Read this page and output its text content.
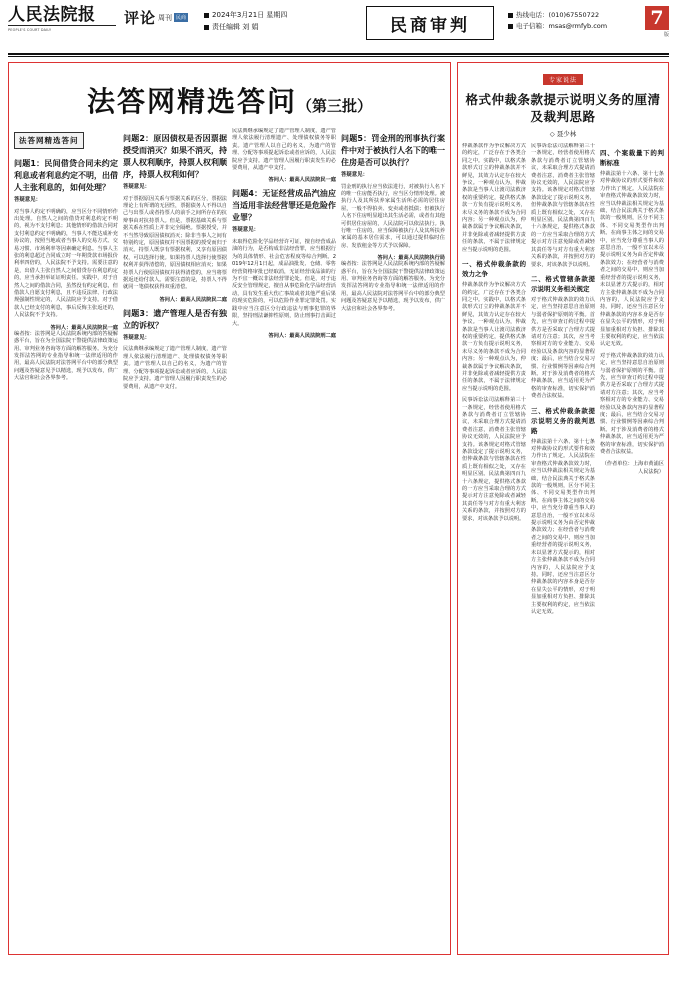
人民法院报
PEOPLE'S COURT DAILY
评论 周刊 民商	2024年3月21日 星期四
责任编辑 刘 娟	民商审判
热线电话：(010)67550722
电子信箱：msas@rmfyb.com	7
版
法答网精选答问（第三批）
法答网精选答问
问题1：民间借贷合同未约定利息或者利息约定不明，出借人主张利息的，如何处理？
答疑意见：
对当事人约定不明确的，应当区分不同情形作出处理。自然人之间的借贷对利息约定不明的，视为不支付利息；其他情形的借款合同对支付利息约定不明确的，当事人不能达成补充协议的，按照当地或者当事人的交易方式、交易习惯、市场利率等因素确定利息。当事人主张的利息超过合同成立时一年期贷款市场报价利率四倍的，人民法院不予支持。需要注意的是，出借人主张自然人之间借贷存在利息约定的，应当承担举证证明责任。实践中，对于自然人之间的借款合同，虽然没有约定利息，但借款人自愿支付利息，且不违反法律、行政法规强制性规定的，人民法院应予支持。对于借款人已经支付的利息，事后反悔主张返还的，人民法院不予支持。
答问人：最高人民法院民一庭
编者按：法答网是人民法院系统内部的答疑解惑平台，旨在为全国法院干警提供法律政策运用、审判业务咨询等方面的解答服务。为充分发挥法答网的专业指导和统一法律适用的作用，最高人民法院对法答网平台中的部分典型问题及答疑意见予以精选，现予以发布，供广大法官和社会各界参考。
问题2：原因债权是否因票据授受而消灭？如果不消灭，持票人权利顺序，持票人权利顺序，持票人权利如何？
答疑意见：
对于票据原因关系与票据关系的区分，票据法理论上有所谓的无因性，票据债务人不得以自己与出票人或者持票人的前手之间所存在的抗辩事由对抗持票人。但是，票据基础关系与票据关系在性质上并非完全隔绝。票据授受，并不当然导致原因债权消灭；除非当事人之间有特别约定，原因债权并不因票据的授受而归于消灭。持票人既享有票据权利，又享有原因债权，可以选择行使。如果持票人选择行使票据权利并获得清偿的，原因债权相应消灭；如果持票人行使原因债权并获得清偿的，应当将票据返还给付款人。需要注意的是，持票人不得就同一笔债权获得双重清偿。
答问人：最高人民法院民二庭
问题3：遗产管理人是否有独立的诉权？
答疑意见：
民法典继承编规定了遗产管理人制度，遗产管理人依法履行清理遗产、处理债权债务等职责。遗产管理人以自己的名义，为遗产的管理、分配等事项提起诉讼或者应诉的，人民法院应予支持。遗产管理人因履行职责发生的必要费用，从遗产中支付。
民法典继承编规定了遗产管理人制度，遗产管理人依法履行清理遗产、处理债权债务等职责。遗产管理人以自己的名义，为遗产的管理、分配等事项提起诉讼或者应诉的，人民法院应予支持。遗产管理人因履行职责发生的必要费用，从遗产中支付。
答问人：最高人民法院民一庭
问题4：无证经营成品汽油应当适用非法经营罪还是危险作业罪？
答疑意见：
未取得危险化学品经营许可证，擅自经营成品油的行为，是否构成非法经营罪，应当根据行为的具体情形、社会危害程度等综合判断。2019年12月1日起，成品油批发、仓储、零售经营资格审批已经取消，无证经营成品油的行为不宜一概以非法经营罪论处。但是，对于违反安全管理规定，擅自从事危险化学品经营活动，具有发生重大伤亡事故或者其他严重后果的现实危险的，可以危险作业罪定罪处罚。实践中应当注意区分行政违法与刑事犯罪的界限，坚持刑法谦抑性原则，防止刑事打击面过大。
答问人：最高人民法院刑二庭
问题5：罚金刑的刑事执行案件中对于被执行人名下的唯一住房是否可以执行？
答疑意见：
罚金刑的执行应当依法进行，对被执行人名下的唯一住房能否执行，应当区分情形处理。被执行人及其所扶养家属生活所必需的居住房屋，一般不得拍卖、变卖或者抵债；但被执行人名下住房明显超出其生活必需，或者有其他可供居住房屋的，人民法院可以依法执行。执行唯一住房的，应当保障被执行人及其所扶养家属的基本居住需求，可以通过提供临时住房、发放租金等方式予以保障。
答问人：最高人民法院执行局
编者按：法答网是人民法院系统内部的答疑解惑平台，旨在为全国法院干警提供法律政策运用、审判业务咨询等方面的解答服务。为充分发挥法答网的专业指导和统一法律适用的作用，最高人民法院对法答网平台中的部分典型问题及答疑意见予以精选，现予以发布，供广大法官和社会各界参考。
专家说法
格式仲裁条款提示说明义务的厘清及裁判思路
◇ 聂少林
仲裁条款作为争议解决方式的约定，广泛存在于各类合同之中。实践中，以格式条款形式订立的仲裁条款并不鲜见，其效力认定存在较大争议。一种观点认为，仲裁条款是当事人让渡司法救济权的重要约定，提供格式条款一方负有提示说明义务，未尽义务的条款不成为合同内容；另一种观点认为，仲裁条款属于争议解决条款，并非免除或者减轻提供方责任的条款，不属于法律规定应当提示说明的范围。
一、格式仲裁条款的效力之争
仲裁条款作为争议解决方式的约定，广泛存在于各类合同之中。实践中，以格式条款形式订立的仲裁条款并不鲜见，其效力认定存在较大争议。一种观点认为，仲裁条款是当事人让渡司法救济权的重要约定，提供格式条款一方负有提示说明义务，未尽义务的条款不成为合同内容；另一种观点认为，仲裁条款属于争议解决条款，并非免除或者减轻提供方责任的条款，不属于法律规定应当提示说明的范围。
民事诉讼法司法解释第三十一条规定，经营者使用格式条款与消费者订立管辖协议，未采取合理方式提请消费者注意，消费者主张管辖协议无效的，人民法院应予支持。该条规定对格式管辖条款设定了提示说明义务，但仲裁条款与管辖条款在性质上既有相似之处，又存在明显区别。民法典第四百九十六条规定，提供格式条款的一方应当采取合理的方式提示对方注意免除或者减轻其责任等与对方有重大利害关系的条款，并按照对方的要求，对该条款予以说明。
民事诉讼法司法解释第三十一条规定，经营者使用格式条款与消费者订立管辖协议，未采取合理方式提请消费者注意，消费者主张管辖协议无效的，人民法院应予支持。该条规定对格式管辖条款设定了提示说明义务，但仲裁条款与管辖条款在性质上既有相似之处，又存在明显区别。民法典第四百九十六条规定，提供格式条款的一方应当采取合理的方式提示对方注意免除或者减轻其责任等与对方有重大利害关系的条款，并按照对方的要求，对该条款予以说明。
二、格式管辖条款提示说明义务相关规定
对于格式仲裁条款的效力认定，应当坚持意思自治原则与弱者保护原则的平衡。首先，应当审查订约过程中提供方是否采取了合理方式提请对方注意；其次，应当考察相对方的专业能力、交易经验以及条款内容的显著程度；最后，应当结合交易习惯、行业惯例等因素综合判断。对于涉及消费者的格式仲裁条款，应当适用更为严格的审查标准，切实保护消费者合法权益。
三、格式仲裁条款提示说明义务的裁判思路
仲裁法第十六条、第十七条对仲裁协议的形式要件和效力作出了规定。人民法院在审查格式仲裁条款效力时，应当以仲裁法相关规定为基础，结合民法典关于格式条款的一般规则，区分不同主体、不同交易类型作出判断。在商事主体之间的交易中，应当充分尊重当事人的意思自治，一般不宜以未尽提示说明义务为由否定仲裁条款效力；在经营者与消费者之间的交易中，则应当加重经营者的提示说明义务，未以显著方式提示的，相对方主张仲裁条款不成为合同内容的，人民法院应予支持。同时，还应当注意区分仲裁条款的内容本身是否存在显失公平的情形，对于明显加重相对方负担、排除其主要权利的约定，应当依法认定无效。
四、个案裁量下的判断标准
仲裁法第十六条、第十七条对仲裁协议的形式要件和效力作出了规定。人民法院在审查格式仲裁条款效力时，应当以仲裁法相关规定为基础，结合民法典关于格式条款的一般规则，区分不同主体、不同交易类型作出判断。在商事主体之间的交易中，应当充分尊重当事人的意思自治，一般不宜以未尽提示说明义务为由否定仲裁条款效力；在经营者与消费者之间的交易中，则应当加重经营者的提示说明义务，未以显著方式提示的，相对方主张仲裁条款不成为合同内容的，人民法院应予支持。同时，还应当注意区分仲裁条款的内容本身是否存在显失公平的情形，对于明显加重相对方负担、排除其主要权利的约定，应当依法认定无效。
对于格式仲裁条款的效力认定，应当坚持意思自治原则与弱者保护原则的平衡。首先，应当审查订约过程中提供方是否采取了合理方式提请对方注意；其次，应当考察相对方的专业能力、交易经验以及条款内容的显著程度；最后，应当结合交易习惯、行业惯例等因素综合判断。对于涉及消费者的格式仲裁条款，应当适用更为严格的审查标准，切实保护消费者合法权益。
（作者单位：上海市黄浦区人民法院）
